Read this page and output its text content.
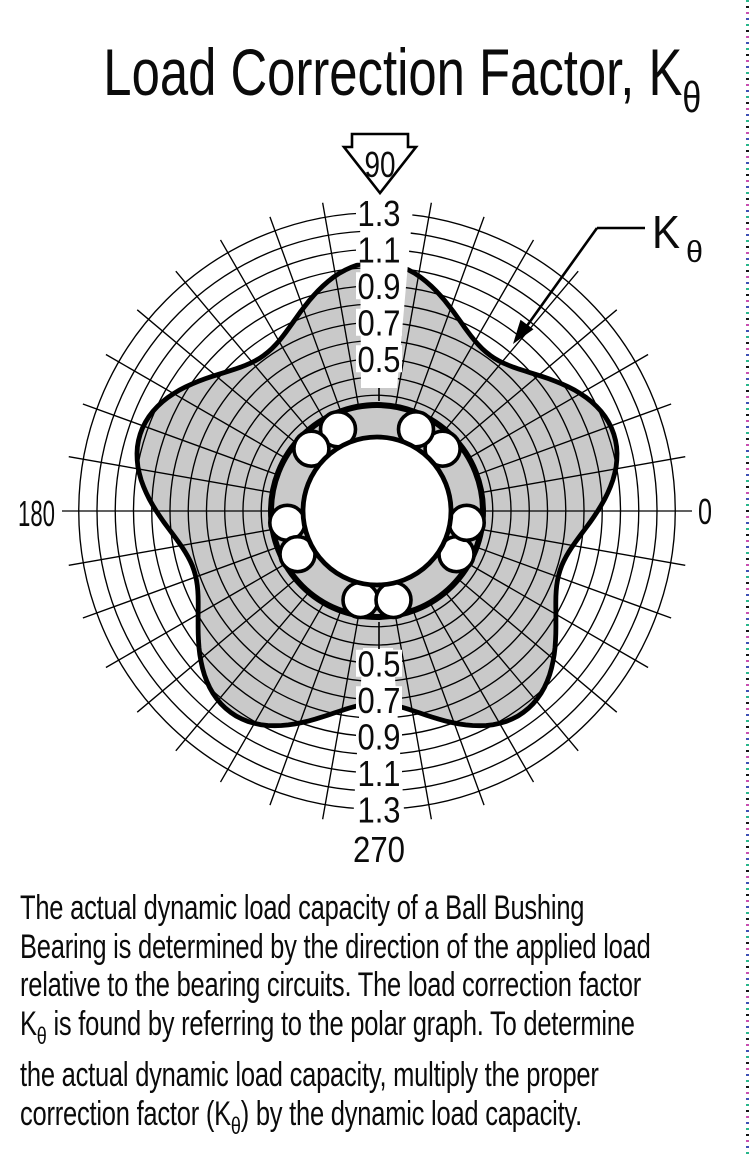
Load Correction Factor, $K_\theta$
0.5
0.5
0.7
0.7
0.9
0.9
1.1
1.1
1.3
1.3
0
180
270
90
K θ
The actual dynamic load capacity of a Ball Bushing
Bearing is determined by the direction of the applied load
relative to the bearing circuits. The load correction factor
$K_\theta$ is found by referring to the polar graph. To determine
the actual dynamic load capacity, multiply the proper
correction factor $(K_\theta)$ by the dynamic load capacity.
